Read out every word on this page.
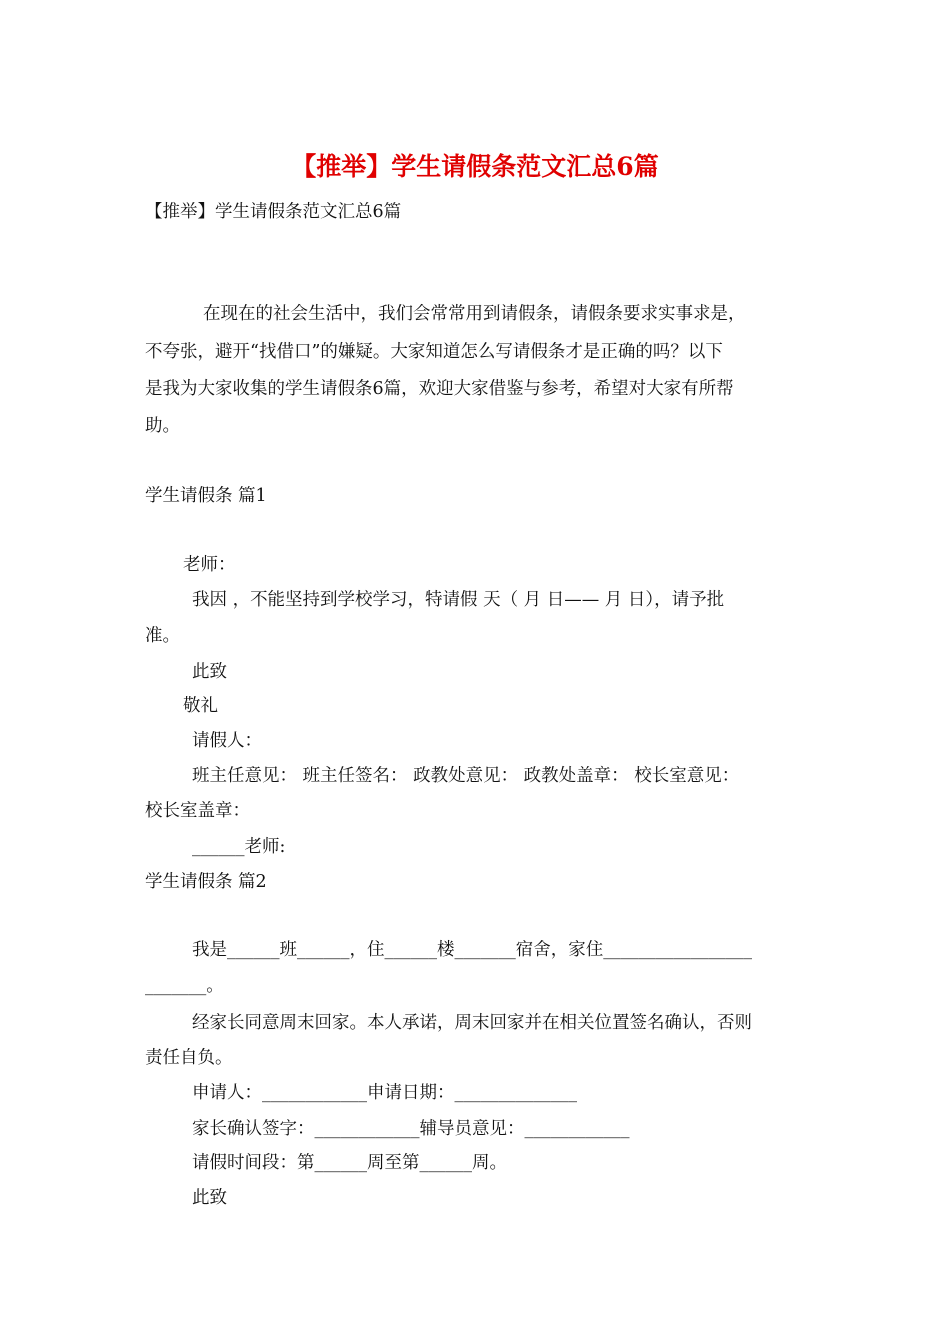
【推举】学生请假条范文汇总6篇
【推举】学生请假条范文汇总6篇
在现在的社会生活中，我们会常常用到请假条，请假条要求实事求是，
不夸张，避开“找借口”的嫌疑。大家知道怎么写请假条才是正确的吗？以下
是我为大家收集的学生请假条6篇，欢迎大家借鉴与参考，希望对大家有所帮
助。
学生请假条 篇1
老师：
我因 ，不能坚持到学校学习，特请假 天（ 月 日—— 月 日），请予批
准。
此致
敬礼
请假人：
班主任意见： 班主任签名： 政教处意见： 政教处盖章： 校长室意见：
校长室盖章：
______老师:
学生请假条 篇2
我是______班______，住______楼_______宿舍，家住_________________
_______。
经家长同意周末回家。本人承诺，周末回家并在相关位置签名确认，否则
责任自负。
申请人：____________申请日期：______________
家长确认签字：____________辅导员意见：____________
请假时间段：第______周至第______周。
此致
